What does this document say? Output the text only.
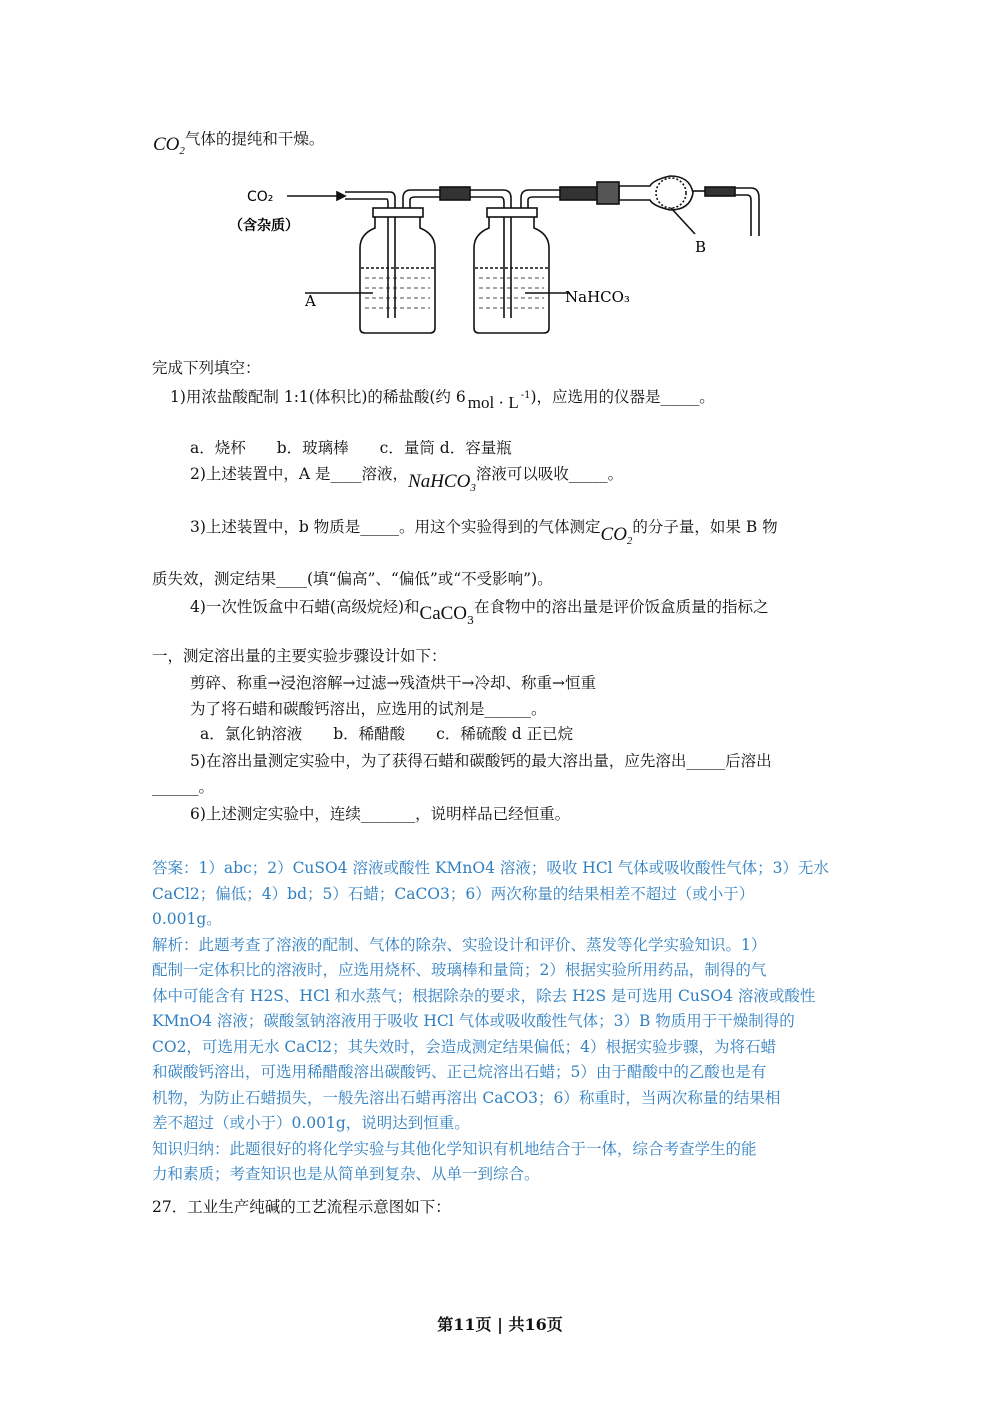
$CO_2$气体的提纯和干燥。
CO₂
（含杂质）
A	NaHCO₃
B
完成下列填空：
1)用浓盐酸配制 1:1(体积比)的稀盐酸(约 6 mol · L $^{-1}$)，应选用的仪器是_____。
a．烧杯　　b．玻璃棒　　c．量筒 d．容量瓶
2)上述装置中，A 是____溶液，NaHCO$_3$溶液可以吸收_____。
3)上述装置中，b 物质是_____。用这个实验得到的气体测定$CO_2$的分子量，如果 B 物
质失效，测定结果____(填“偏高”、“偏低”或“不受影响”)。
4)一次性饭盒中石蜡(高级烷烃)和CaCO$_3$在食物中的溶出量是评价饭盒质量的指标之
一，测定溶出量的主要实验步骤设计如下：
剪碎、称重→浸泡溶解→过滤→残渣烘干→冷却、称重→恒重
为了将石蜡和碳酸钙溶出，应选用的试剂是______。
a．氯化钠溶液　　b．稀醋酸　　c．稀硫酸 d 正已烷
5)在溶出量测定实验中，为了获得石蜡和碳酸钙的最大溶出量，应先溶出_____后溶出
______。
6)上述测定实验中，连续_______，说明样品已经恒重。
答案：1）abc；2）CuSO4 溶液或酸性 KMnO4 溶液；吸收 HCl 气体或吸收酸性气体；3）无水
CaCl2；偏低；4）bd；5）石蜡；CaCO3；6）两次称量的结果相差不超过（或小于）
0.001g。
解析：此题考查了溶液的配制、气体的除杂、实验设计和评价、蒸发等化学实验知识。1）
配制一定体积比的溶液时，应选用烧杯、玻璃棒和量筒；2）根据实验所用药品，制得的气
体中可能含有 H2S、HCl 和水蒸气；根据除杂的要求，除去 H2S 是可选用 CuSO4 溶液或酸性
KMnO4 溶液；碳酸氢钠溶液用于吸收 HCl 气体或吸收酸性气体；3）B 物质用于干燥制得的
CO2，可选用无水 CaCl2；其失效时，会造成测定结果偏低；4）根据实验步骤，为将石蜡
和碳酸钙溶出，可选用稀醋酸溶出碳酸钙、正己烷溶出石蜡；5）由于醋酸中的乙酸也是有
机物，为防止石蜡损失，一般先溶出石蜡再溶出 CaCO3；6）称重时，当两次称量的结果相
差不超过（或小于）0.001g，说明达到恒重。
知识归纳：此题很好的将化学实验与其他化学知识有机地结合于一体，综合考查学生的能
力和素质；考查知识也是从简单到复杂、从单一到综合。
27．工业生产纯碱的工艺流程示意图如下：
第11页 | 共16页
